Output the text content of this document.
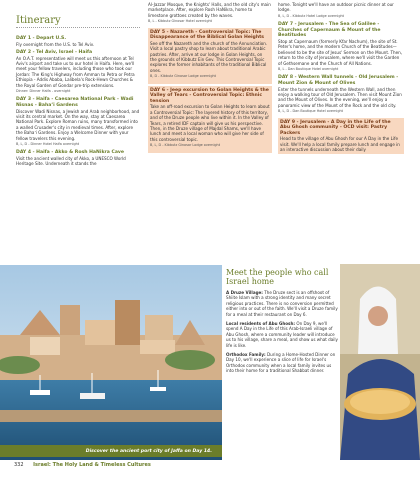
Itinerary
DAY 1 - Depart U.S.
Fly overnight from the U.S. to Tel Aviv.
DAY 2 - Tel Aviv, Israel - Haifa
An O.A.T. representative will meet us this afternoon at Tel Aviv's airport and take us to our hotel in Haifa. Here, we'll meet your fellow travelers, including those who took our Jordan: The King's Highway from Amman to Petra or Petra Ethiopia - Addis Ababa, Lalibela's Rock-Hewn Churches & the Royal Garden of Gondar pre-trip extensions.
Dinner: Dinner Haifa - overnight
DAY 3 - Haifa - Caesarea National Park - Wadi Nisnas - Bahaʼi Gardens
Discover Wadi Nisnas, a Jewish and Arab neighborhood, and visit its central market. On the way, stay at Caesarea National Park. Explore Roman ruins, many transformed into a walled Crusader's city in medieval times. After, explore the Bahaʼi Gardens. Enjoy a Welcome Dinner with your fellow travelers this evening.
B, L, D - Dinner Hotel Haifa overnight
DAY 4 - Haifa - Akko & Rosh HaNikra Cave
Visit the ancient walled city of Akko, a UNESCO World Heritage Site. Underneath it stands the
Al-Jazzar Mosque, the Knights' Halls, and the old city's main marketplace. After, explore Rosh HaNikra, home to limestone grottoes created by the waves.
B, L - Kibbutz Ginosar Hotel overnight
DAY 5 - Nazareth - Controversial Topic: The Disappearance of the Biblical Golan Heights
See off the Nazareth and the church of the Annunciation. Visit a local pastry shop to learn about traditional Arabic pastries. After, arrive at our lodge in Golan Heights, on the grounds of Kibbutz Ein Gev. This Controversial Topic explores the former inhabitants of the traditional Biblical ones.
B, D - Kibbutz Ginosar Lodge overnight
DAY 6 - Jeep excursion to Golan Heights & the Valley of Tears - Controversial Topic: Ethnic tension
Take an off-road excursion to Golan Heights to learn about a Controversial Topic: The layered history of this territory, and of the Druze people who live within it. In the Valley of Tears, a retired IDF captain will give us his perspective. Then, in the Druze village of Majdal Shams, we'll have lunch and meet a local woman who will give her side of this controversial topic.
B, L, D - Kibbutz Ginosar Lodge overnight
home. Tonight we'll have an outdoor picnic dinner at our lodge.
B, L, D - Kibbutz Hotel Lodge overnight
DAY 7 - Jerusalem - The Sea of Galilee - Churches of Capernaum & Mount of the Beatitudes
Stop at Capernaum (formerly Kfar Nachum), the site of St. Peter's home, and the modern Church of the Beatitudes—believed to be the site of Jesus' Sermon on the Mount. Then, return to the city of Jerusalem, where we'll visit the Garden of Gethsemane and the Church of All Nations.
B, L - Dan Boutique Hotel overnight
DAY 8 - Western Wall tunnels - Old Jerusalem - Mount Zion & Mount of Olives
Enter the tunnels underneath the Western Wall, and then enjoy a walking tour of Old Jerusalem. Then visit Mount Zion and the Mount of Olives. In the evening, we'll enjoy a panoramic view of the Mount of the Rock and the old city.
B, L, D - Dan Boutique Hotel overnight
DAY 9 - Jerusalem - A Day in the Life of the Abu Ghosh community - OCD visit: Pastry Packers
Head to the village of Abu Ghosh for our A Day in the Life visit. We'll help a local family prepare lunch and engage in an interactive discussion about their daily
Discover the ancient port city of Jaffa on Day 14.
Meet the people who call Israel home

A Druze Village: The Druze sect is an offshoot of Shiite Islam with a strong identity and many secret religious practices. There is no conversion permitted either into or out of the faith. We'll visit a Druze family for a meal at their restaurant on Day 6.

Local residents of Abu Ghosh: On Day 9, we'll spend A Day in the Life of this Arab-Israeli village of Abu Ghosh, where a community leader will introduce us to his village, share a meal, and show us what daily life is like.

Orthodox Family: During a Home-Hosted Dinner on Day 10, we'll experience a slice of life for Israel's Orthodox community when a local family invites us into their home for a traditional Shabbat dinner.

332 Israel: The Holy Land & Timeless Cultures
